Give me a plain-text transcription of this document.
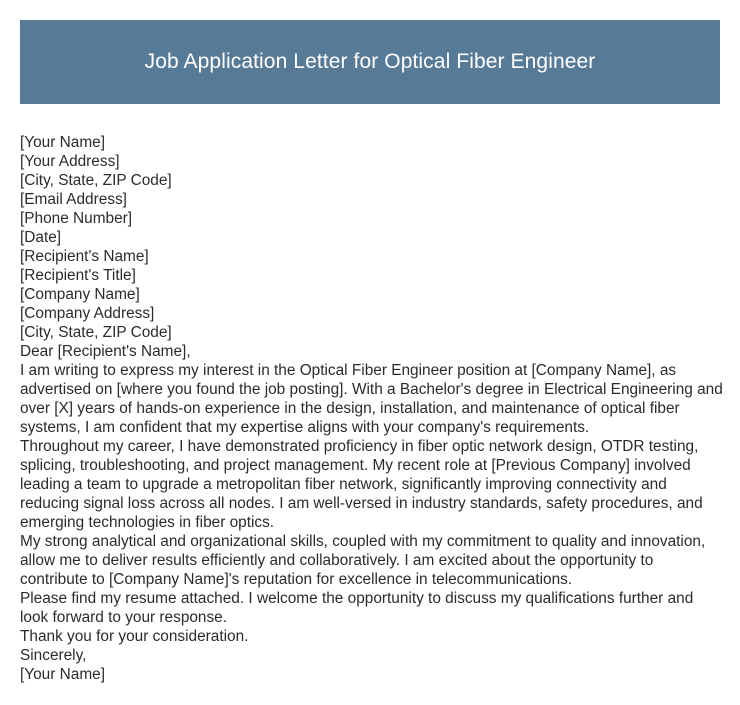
Job Application Letter for Optical Fiber Engineer

[Your Name]

[Your Address]

[City, State, ZIP Code]

[Email Address]

[Phone Number]

[Date]

[Recipient's Name]

[Recipient's Title]

[Company Name]

[Company Address]

[City, State, ZIP Code]

Dear [Recipient's Name],

I am writing to express my interest in the Optical Fiber Engineer position at [Company Name], as advertised on [where you found the job posting]. With a Bachelor's degree in Electrical Engineering and over [X] years of hands-on experience in the design, installation, and maintenance of optical fiber systems, I am confident that my expertise aligns with your company's requirements.

Throughout my career, I have demonstrated proficiency in fiber optic network design, OTDR testing, splicing, troubleshooting, and project management. My recent role at [Previous Company] involved leading a team to upgrade a metropolitan fiber network, significantly improving connectivity and reducing signal loss across all nodes. I am well-versed in industry standards, safety procedures, and emerging technologies in fiber optics.

My strong analytical and organizational skills, coupled with my commitment to quality and innovation, allow me to deliver results efficiently and collaboratively. I am excited about the opportunity to contribute to [Company Name]'s reputation for excellence in telecommunications.

Please find my resume attached. I welcome the opportunity to discuss my qualifications further and look forward to your response.

Thank you for your consideration.

Sincerely,

[Your Name]
